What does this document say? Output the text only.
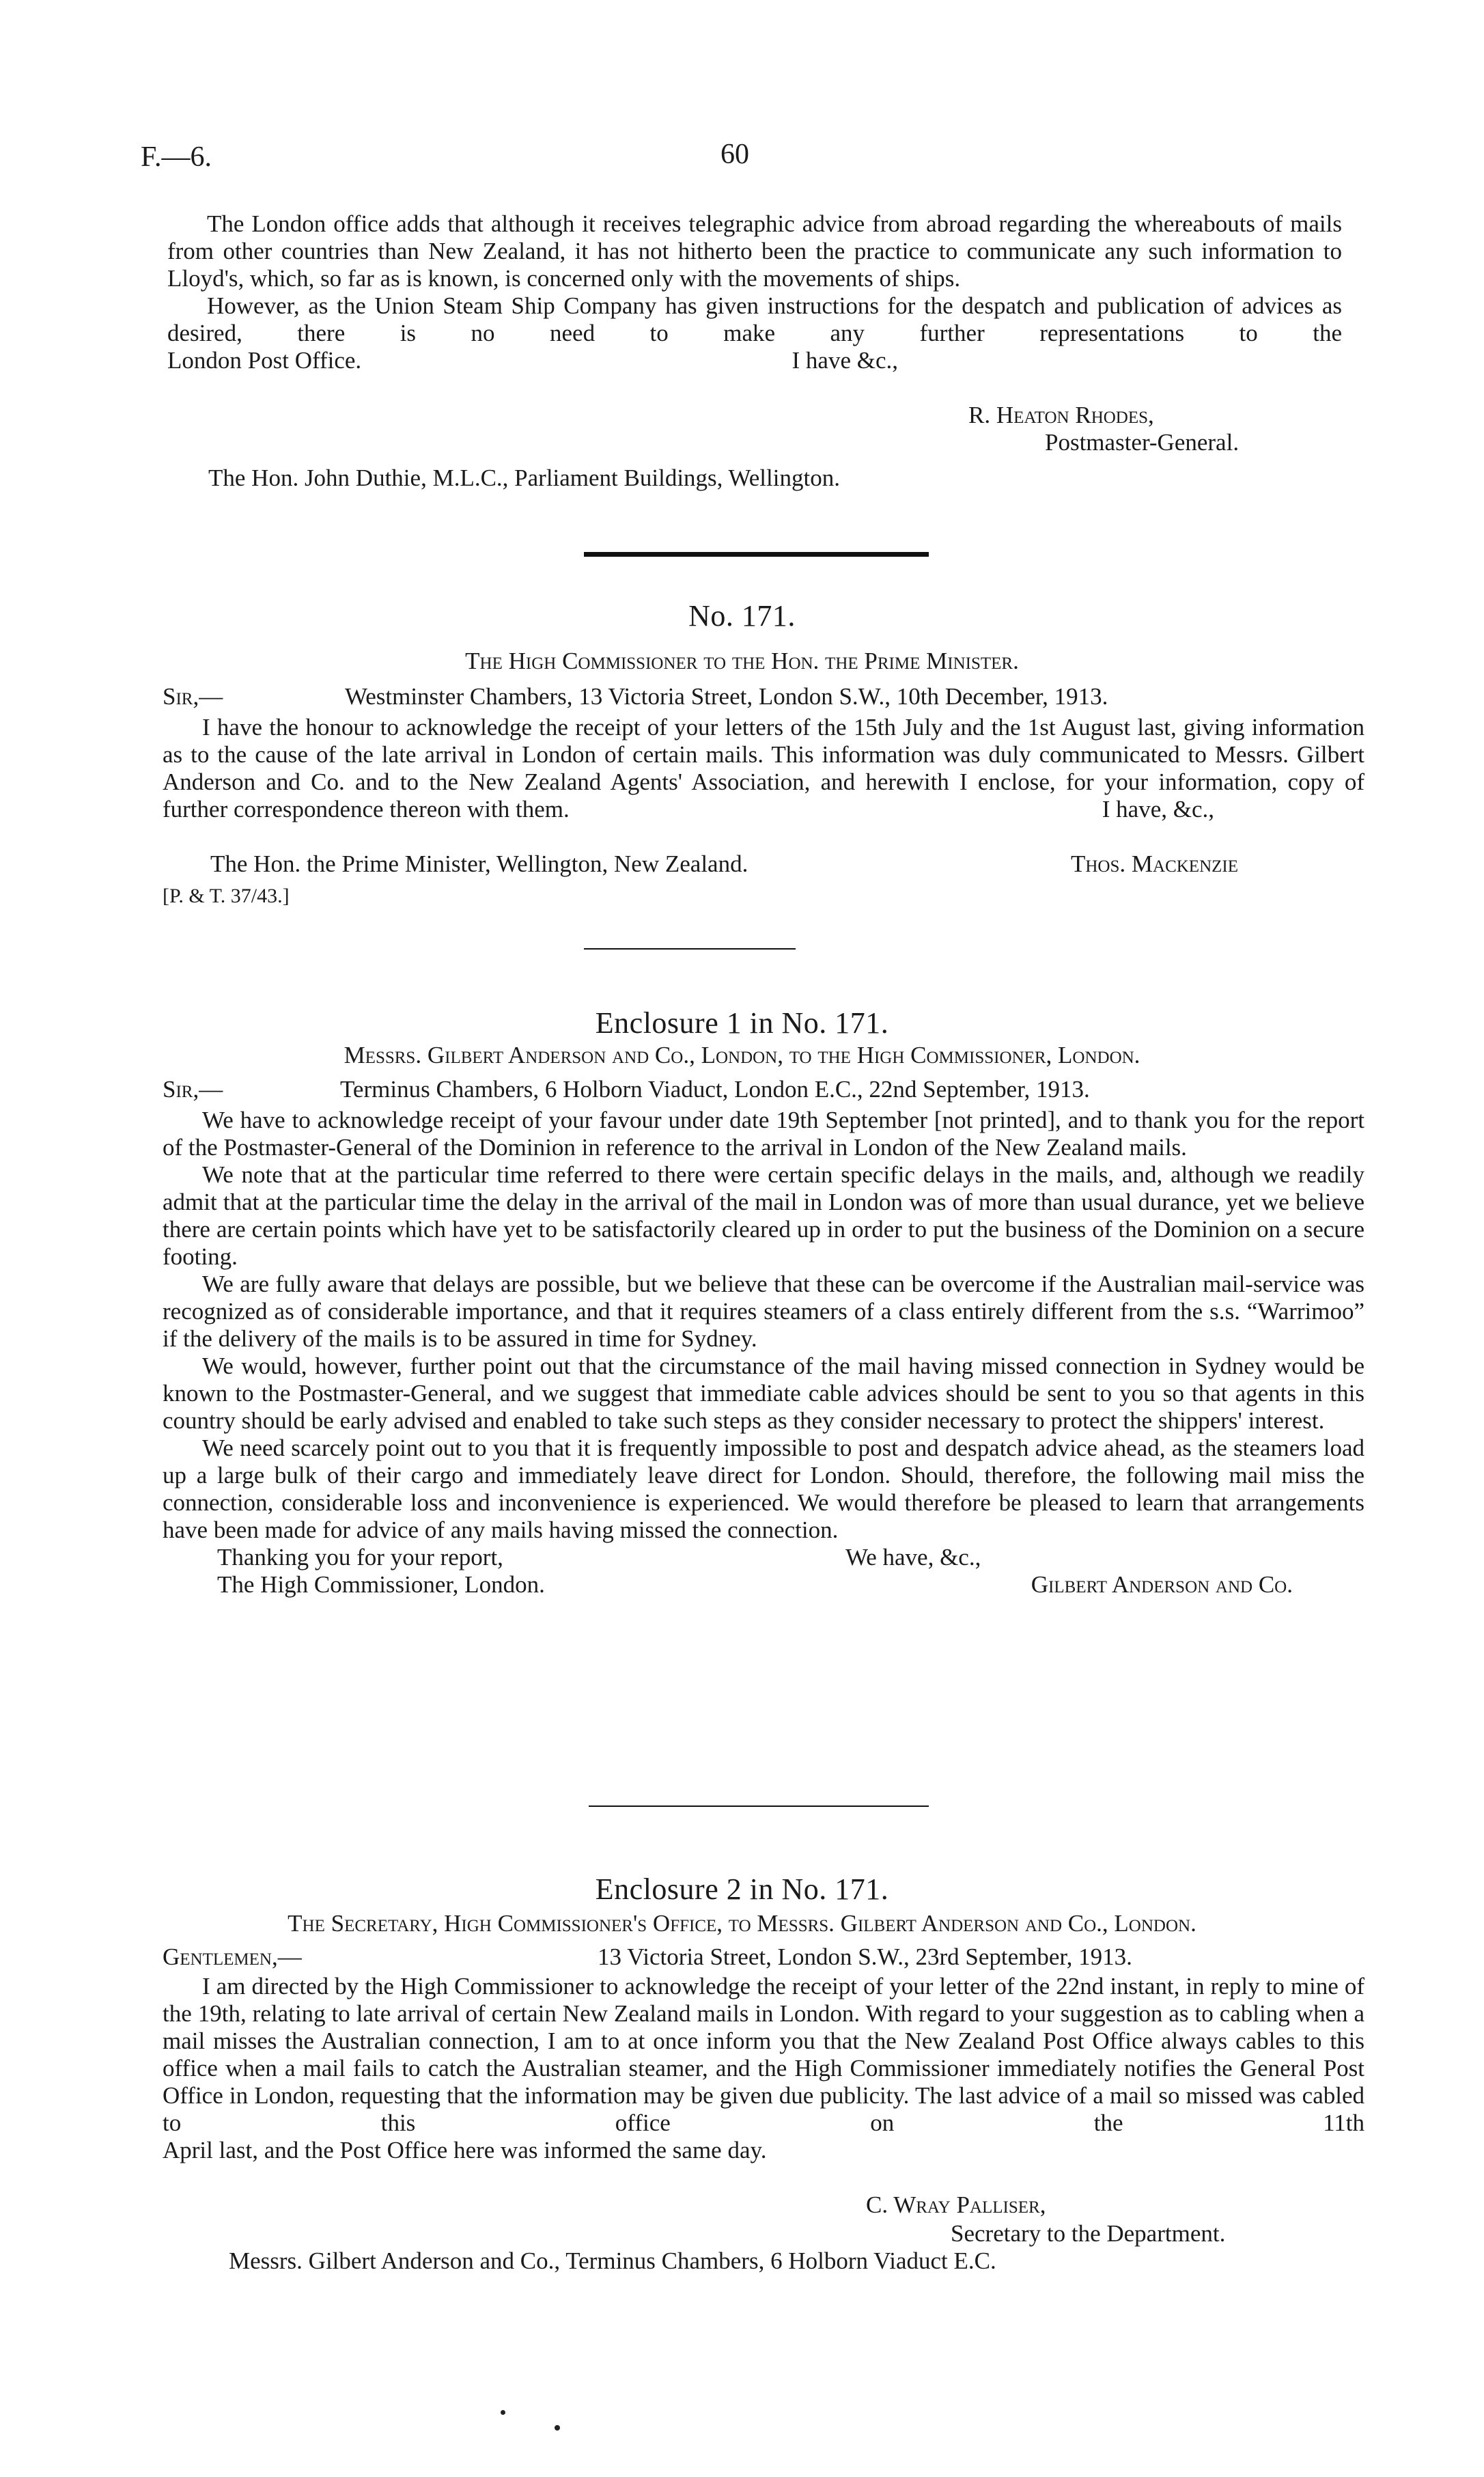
F.—6.	60

The London office adds that although it receives telegraphic advice from abroad regarding the whereabouts of mails from other countries than New Zealand, it has not hitherto been the practice to communicate any such information to Lloyd's, which, so far as is known, is concerned only with the movements of ships.

However, as the Union Steam Ship Company has given instructions for the despatch and publication of advices as desired, there is no need to make any further representations to the

London Post Office.	I have &c.,
R. Heaton Rhodes,
Postmaster-General.
The Hon. John Duthie, M.L.C., Parliament Buildings, Wellington.
No. 171.
The High Commissioner to the Hon. the Prime Minister.
Sir,—	Westminster Chambers, 13 Victoria Street, London S.W., 10th December, 1913.

I have the honour to acknowledge the receipt of your letters of the 15th July and the 1st August last, giving information as to the cause of the late arrival in London of certain mails. This information was duly communicated to Messrs. Gilbert Anderson and Co. and to the New Zealand Agents' Association, and herewith I enclose, for your information, copy of

further correspondence thereon with them.	I have, &c.,
The Hon. the Prime Minister, Wellington, New Zealand.	Thos. Mackenzie
[P. & T. 37/43.]
Enclosure 1 in No. 171.
Messrs. Gilbert Anderson and Co., London, to the High Commissioner, London.
Sir,—	Terminus Chambers, 6 Holborn Viaduct, London E.C., 22nd September, 1913.

We have to acknowledge receipt of your favour under date 19th September [not printed], and to thank you for the report of the Postmaster-General of the Dominion in reference to the arrival in London of the New Zealand mails.

We note that at the particular time referred to there were certain specific delays in the mails, and, although we readily admit that at the particular time the delay in the arrival of the mail in London was of more than usual durance, yet we believe there are certain points which have yet to be satisfactorily cleared up in order to put the business of the Dominion on a secure footing.

We are fully aware that delays are possible, but we believe that these can be overcome if the Australian mail-service was recognized as of considerable importance, and that it requires steamers of a class entirely different from the s.s. “Warrimoo” if the delivery of the mails is to be assured in time for Sydney.

We would, however, further point out that the circumstance of the mail having missed connection in Sydney would be known to the Postmaster-General, and we suggest that immediate cable advices should be sent to you so that agents in this country should be early advised and enabled to take such steps as they consider necessary to protect the shippers' interest.

We need scarcely point out to you that it is frequently impossible to post and despatch advice ahead, as the steamers load up a large bulk of their cargo and immediately leave direct for London. Should, therefore, the following mail miss the connection, considerable loss and inconvenience is experienced. We would therefore be pleased to learn that arrangements have been made for advice of any mails having missed the connection.

Thanking you for your report,	We have, &c.,
The High Commissioner, London.	Gilbert Anderson and Co.
Enclosure 2 in No. 171.
The Secretary, High Commissioner's Office, to Messrs. Gilbert Anderson and Co., London.
Gentlemen,—	13 Victoria Street, London S.W., 23rd September, 1913.

I am directed by the High Commissioner to acknowledge the receipt of your letter of the 22nd instant, in reply to mine of the 19th, relating to late arrival of certain New Zealand mails in London. With regard to your suggestion as to cabling when a mail misses the Australian connection, I am to at once inform you that the New Zealand Post Office always cables to this office when a mail fails to catch the Australian steamer, and the High Commissioner immediately notifies the General Post Office in London, requesting that the information may be given due publicity. The last advice of a mail so missed was cabled to this office on the 11th

April last, and the Post Office here was informed the same day.

C. Wray Palliser,
Secretary to the Department.
Messrs. Gilbert Anderson and Co., Terminus Chambers, 6 Holborn Viaduct E.C.
